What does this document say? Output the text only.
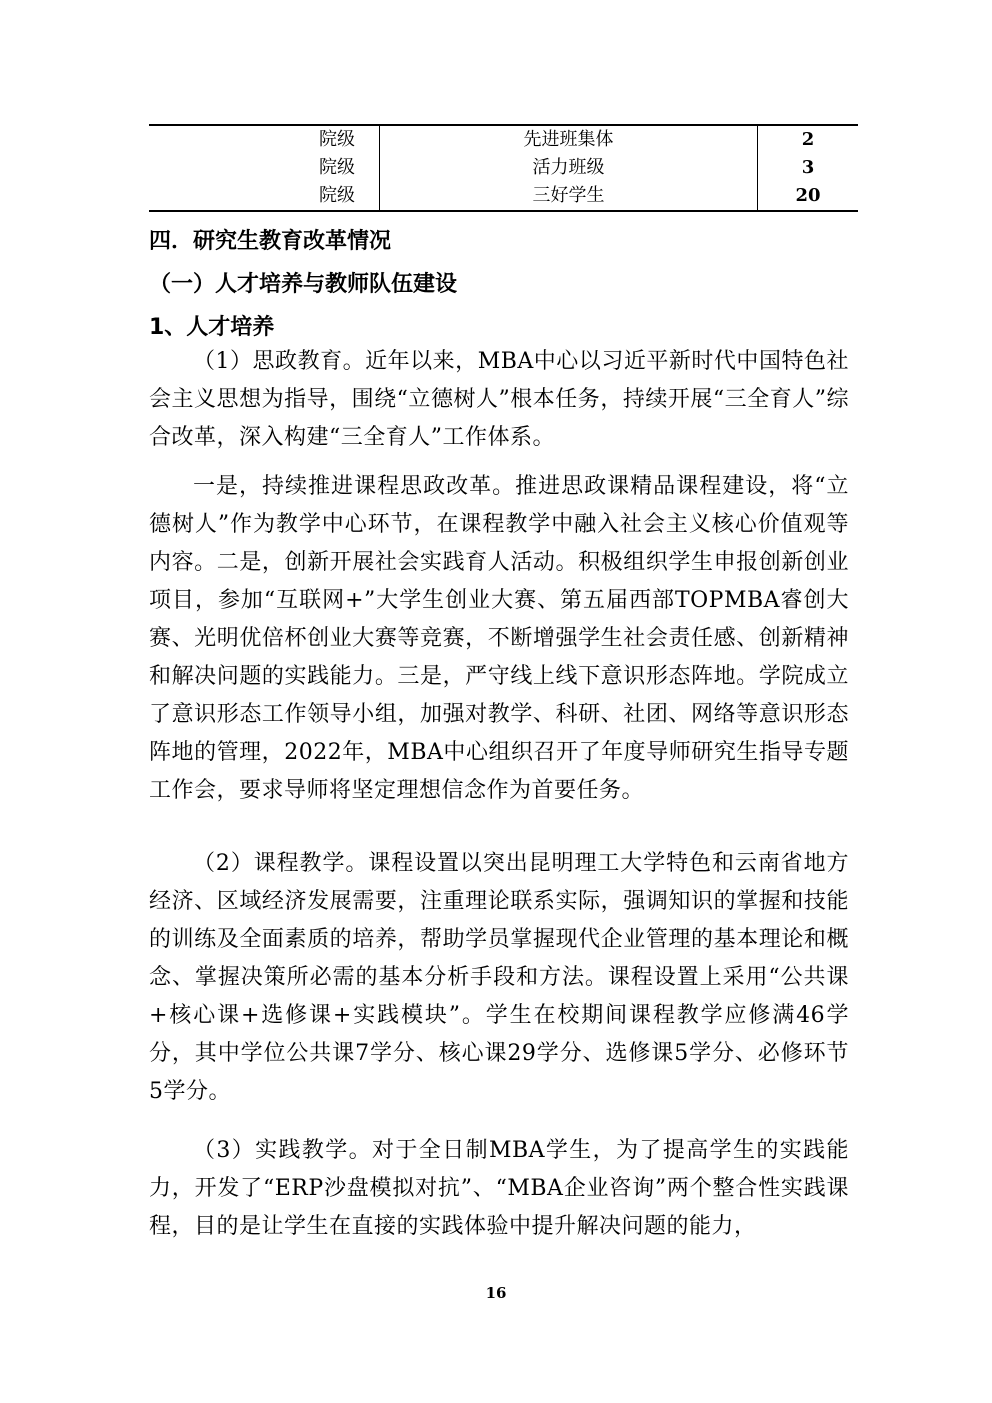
	院级	先进班集体	2
	院级	活力班级	3
	院级	三好学生	20
四．研究生教育改革情况
（一）人才培养与教师队伍建设
1、人才培养

（1）思政教育。近年以来，MBA中心以习近平新时代中国特色社会主义思想为指导，围绕“立德树人”根本任务，持续开展“三全育人”综合改革，深入构建“三全育人”工作体系。

一是，持续推进课程思政改革。推进思政课精品课程建设，将“立德树人”作为教学中心环节，在课程教学中融入社会主义核心价值观等内容。二是，创新开展社会实践育人活动。积极组织学生申报创新创业项目，参加“互联网+”大学生创业大赛、第五届西部TOPMBA睿创大赛、光明优倍杯创业大赛等竞赛，不断增强学生社会责任感、创新精神和解决问题的实践能力。三是，严守线上线下意识形态阵地。学院成立了意识形态工作领导小组，加强对教学、科研、社团、网络等意识形态阵地的管理，2022年，MBA中心组织召开了年度导师研究生指导专题工作会，要求导师将坚定理想信念作为首要任务。

（2）课程教学。课程设置以突出昆明理工大学特色和云南省地方经济、区域经济发展需要，注重理论联系实际，强调知识的掌握和技能的训练及全面素质的培养，帮助学员掌握现代企业管理的基本理论和概念、掌握决策所必需的基本分析手段和方法。课程设置上采用“公共课+核心课+选修课+实践模块”。学生在校期间课程教学应修满46学分，其中学位公共课7学分、核心课29学分、选修课5学分、必修环节5学分。

（3）实践教学。对于全日制MBA学生，为了提高学生的实践能力，开发了“ERP沙盘模拟对抗”、“MBA企业咨询”两个整合性实践课程，目的是让学生在直接的实践体验中提升解决问题的能力，

16
